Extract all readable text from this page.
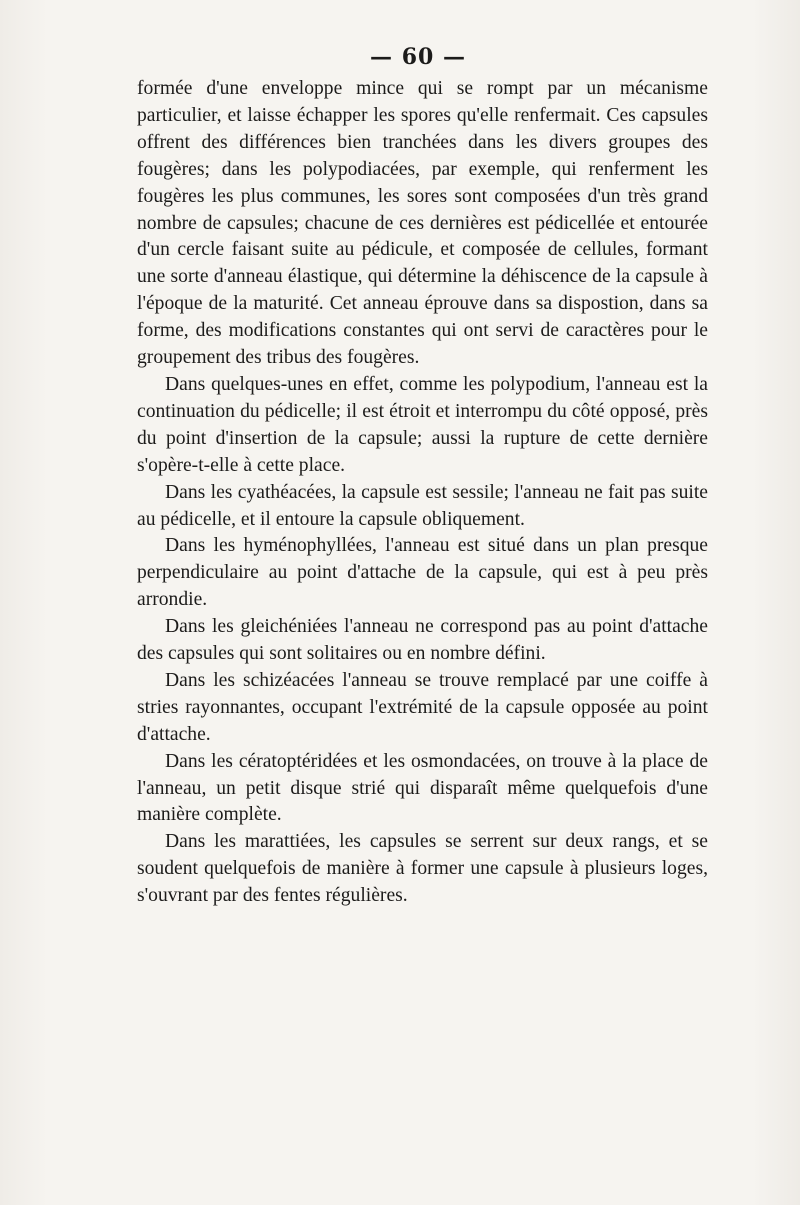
— 60 —

formée d'une enveloppe mince qui se rompt par un mécanisme particulier, et laisse échapper les spores qu'elle renfermait. Ces capsules offrent des différences bien tranchées dans les divers groupes des fougères; dans les polypodiacées, par exemple, qui renferment les fougères les plus communes, les sores sont composées d'un très grand nombre de capsules; chacune de ces dernières est pédicellée et entourée d'un cercle faisant suite au pédicule, et composée de cellules, formant une sorte d'anneau élastique, qui détermine la déhiscence de la capsule à l'époque de la maturité. Cet anneau éprouve dans sa dispostion, dans sa forme, des modifications constantes qui ont servi de caractères pour le groupement des tribus des fougères.

Dans quelques-unes en effet, comme les polypodium, l'anneau est la continuation du pédicelle; il est étroit et interrompu du côté opposé, près du point d'insertion de la capsule; aussi la rupture de cette dernière s'opère-t-elle à cette place.

Dans les cyathéacées, la capsule est sessile; l'anneau ne fait pas suite au pédicelle, et il entoure la capsule obliquement.

Dans les hyménophyllées, l'anneau est situé dans un plan presque perpendiculaire au point d'attache de la capsule, qui est à peu près arrondie.

Dans les gleichéniées l'anneau ne correspond pas au point d'attache des capsules qui sont solitaires ou en nombre défini.

Dans les schizéacées l'anneau se trouve remplacé par une coiffe à stries rayonnantes, occupant l'extrémité de la capsule opposée au point d'attache.

Dans les cératoptéridées et les osmondacées, on trouve à la place de l'anneau, un petit disque strié qui disparaît même quelquefois d'une manière complète.

Dans les marattiées, les capsules se serrent sur deux rangs, et se soudent quelquefois de manière à former une capsule à plusieurs loges, s'ouvrant par des fentes régulières.
